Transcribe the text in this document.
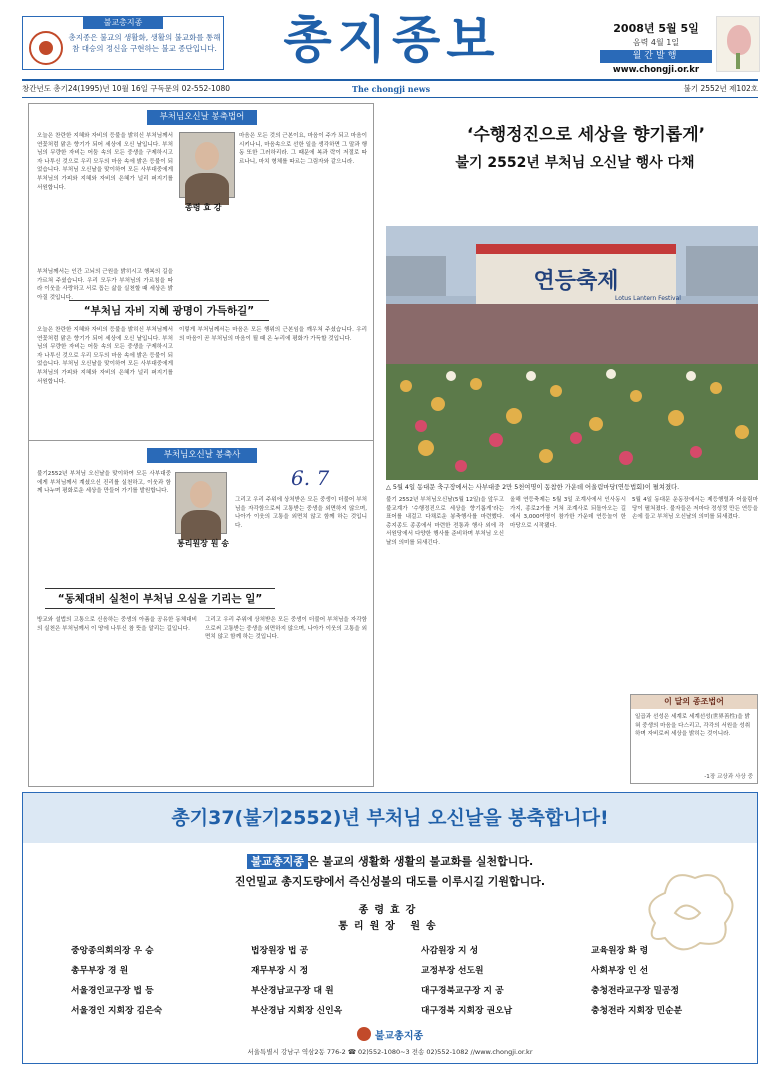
불교총지종
총지종은 불교의 생활화, 생활의 불교화를 통해 참 대승의 정신을 구현하는 불교 종단입니다.	총지종보	2008년 5월 5일
음력 4월 1일
월간발행
www.chongji.or.kr
창간년도 총기24(1995)년 10월 16일 구독문의 02-552-1080	The chongji news	불기 2552년 제102호
부처님오신날 봉축법어
오늘은 찬란한 지혜와 자비의 등불을 밝히신 부처님께서 연꽃처럼 맑은 향기가 되어 세상에 오신 날입니다. 부처님의 무량한 자비는 어둠 속의 모든 중생을 구제하시고자 나투신 것으로 우리 모두의 마음 속에 밝은 등불이 되었습니다. 부처님 오신날을 맞이하여 모든 사부대중에게 부처님의 가피와 지혜와 자비의 은혜가 널리 퍼지기를 서원합니다.
종령 효 강
마음은 모든 것의 근본이요, 마음이 주가 되고 마음이 시키나니, 마음속으로 선한 일을 생각하면 그 말과 행동 또한 그러하리라. 그 때문에 복과 락이 저절로 따르나니, 마치 형체를 따르는 그림자와 같으니라.
부처님께서는 인간 고뇌의 근원을 밝히시고 행복의 길을 가르쳐 주셨습니다. 우리 모두가 부처님의 가르침을 따라 이웃을 사랑하고 서로 돕는 삶을 실천할 때 세상은 밝아질 것입니다.
“부처님 자비 지혜 광명이 가득하길”
오늘은 찬란한 지혜와 자비의 등불을 밝히신 부처님께서 연꽃처럼 맑은 향기가 되어 세상에 오신 날입니다. 부처님의 무량한 자비는 어둠 속의 모든 중생을 구제하시고자 나투신 것으로 우리 모두의 마음 속에 밝은 등불이 되었습니다. 부처님 오신날을 맞이하여 모든 사부대중에게 부처님의 가피와 지혜와 자비의 은혜가 널리 퍼지기를 서원합니다.
이렇게 부처님께서는 마음은 모든 행위의 근본임을 깨우쳐 주셨습니다. 우리의 마음이 곧 부처님의 마음이 될 때 온 누리에 평화가 가득할 것입니다.
부처님오신날 봉축사
불기2552년 부처님 오신날을 맞이하여 모든 사부대중에게 부처님께서 계셨으신 진리를 실천하고, 이웃과 함께 나누며 평화로운 세상을 만들어 가기를 발원합니다.
통리원장 원 송
6. 7
그리고 우리 주위에 상처받은 모든 중생이 더불어 부처님을 자각함으로써 고통받는 중생을 외면하지 않으며, 나아가 이웃의 고통을 외면치 않고 함께 하는 것입니다.
“동체대비 실천이 부처님 오심을 기리는 일”
방교와 설법의 고통으로 신음하는 중생의 아픔을 공유한 동체대비의 실천은 부처님께서 이 땅에 나투신 참 뜻을 알리는 길입니다.
그리고 우리 주위에 상처받은 모든 중생이 더불어 부처님을 자각함으로써 고통받는 중생을 외면하지 않으며, 나아가 이웃의 고통을 외면치 않고 함께 하는 것입니다.
‘수행정진으로 세상을 향기롭게’
불기 2552년 부처님 오신날 행사 다채
연등축제
Lotus Lantern Festival
△ 5월 4일 동대문 축구장에서는 사부대중 2만 5천여명이 동참한 가운데 어울림마당(연등법회)이 펼쳐졌다.
불기 2552년 부처님오신날(5월 12일)을 앞두고 불교계가 ‘수행정진으로 세상을 향기롭게’라는 표어를 내걸고 다채로운 봉축행사를 마련했다. 총지종도 종종에서 마련한 전통과 행사 외에 각 서원당에서 다양한 행사를 준비하며 부처님 오신날의 의미를 되새긴다.
올해 연등축제는 5월 3일 조계사에서 인사동시가지, 종로2가를 거쳐 조계사로 되돌아오는 길에서 3,000여명이 참가한 가운데 연등놀이 한마당으로 시작됐다.
5월 4일 동대문 운동장에서는 제등행렬과 어울림마당이 펼쳐졌다. 불자들은 저마다 정성껏 만든 연등을 손에 들고 부처님 오신날의 의미를 되새겼다.
이 달의 종조법어
일곱과 선성은 세계로 세계선성(世界善性)을 밝혀 중생의 마음을 다스리고, 각각의 서원을 성취하며 자비로써 세상을 밝히는 것이니라.
-1장 교상과 사상 중
총기37(불기2552)년 부처님 오신날을 봉축합니다!
불교총지종 은 불교의 생활화 생활의 불교화를 실천합니다.
진언밀교 총지도량에서 즉신성불의 대도를 이루시길 기원합니다.
종령효강
통리원장 원송
중앙종의회의장 우 승	법장원장 법 공	사감원장 지 성	교육원장 화 령
총무부장 경 원	재무부장 시 정	교정부장 선도원	사회부장 인 선
서울경인교구장 법 등	부산경남교구장 대 원	대구경북교구장 지 공	충청전라교구장 밀공정
서울경인 지회장 김은숙	부산경남 지회장 신인옥	대구경북 지회장 권오남	충청전라 지회장 민순분
불교총지종
서울특별시 강남구 역삼2동 776-2 ☎ 02)552-1080~3 전송 02)552-1082 //www.chongji.or.kr
